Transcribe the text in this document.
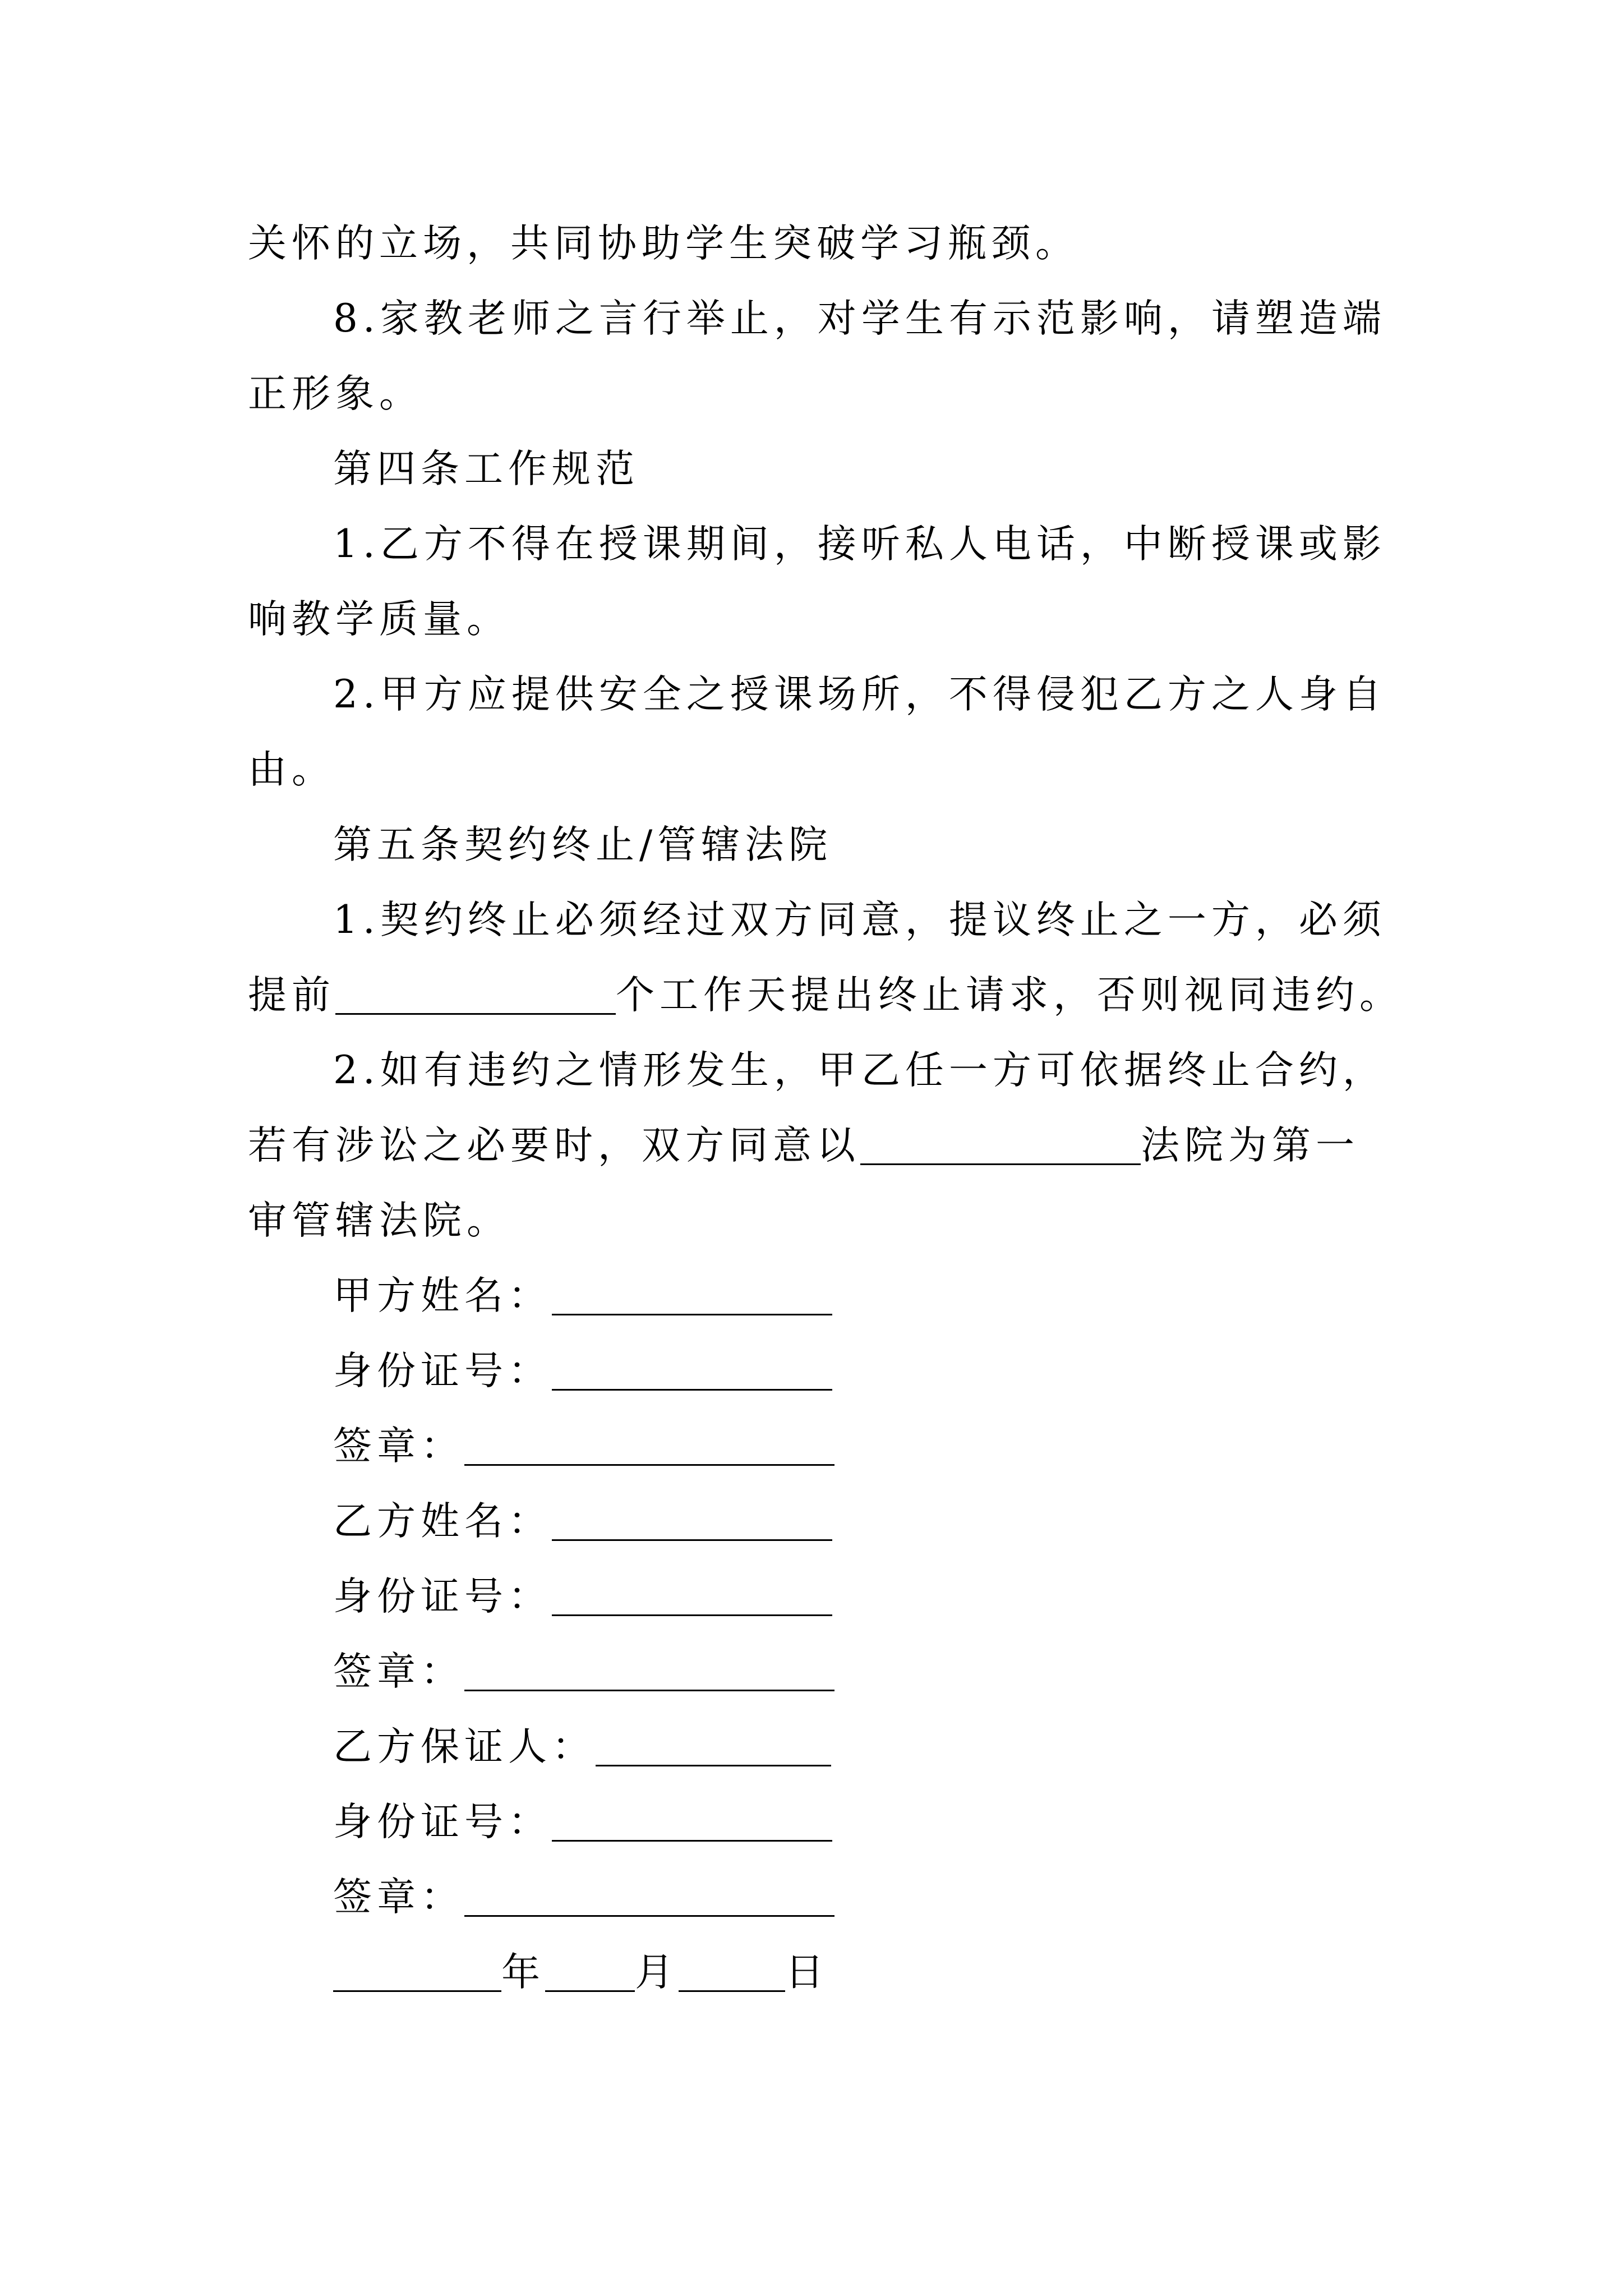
关怀的立场，共同协助学生突破学习瓶颈。
8.家教老师之言行举止，对学生有示范影响，请塑造端
正形象。
第四条工作规范
1.乙方不得在授课期间，接听私人电话，中断授课或影
响教学质量。
2.甲方应提供安全之授课场所，不得侵犯乙方之人身自
由。
第五条契约终止/管辖法院
1.契约终止必须经过双方同意，提议终止之一方，必须
提前	个工作天提出终止请求，否则视同违约。
2.如有违约之情形发生，甲乙任一方可依据终止合约，
若有涉讼之必要时，双方同意以	法院为第一
审管辖法院。
甲方姓名：
身份证号：
签章：
乙方姓名：
身份证号：
签章：
乙方保证人：
身份证号：
签章：
年 月	日
